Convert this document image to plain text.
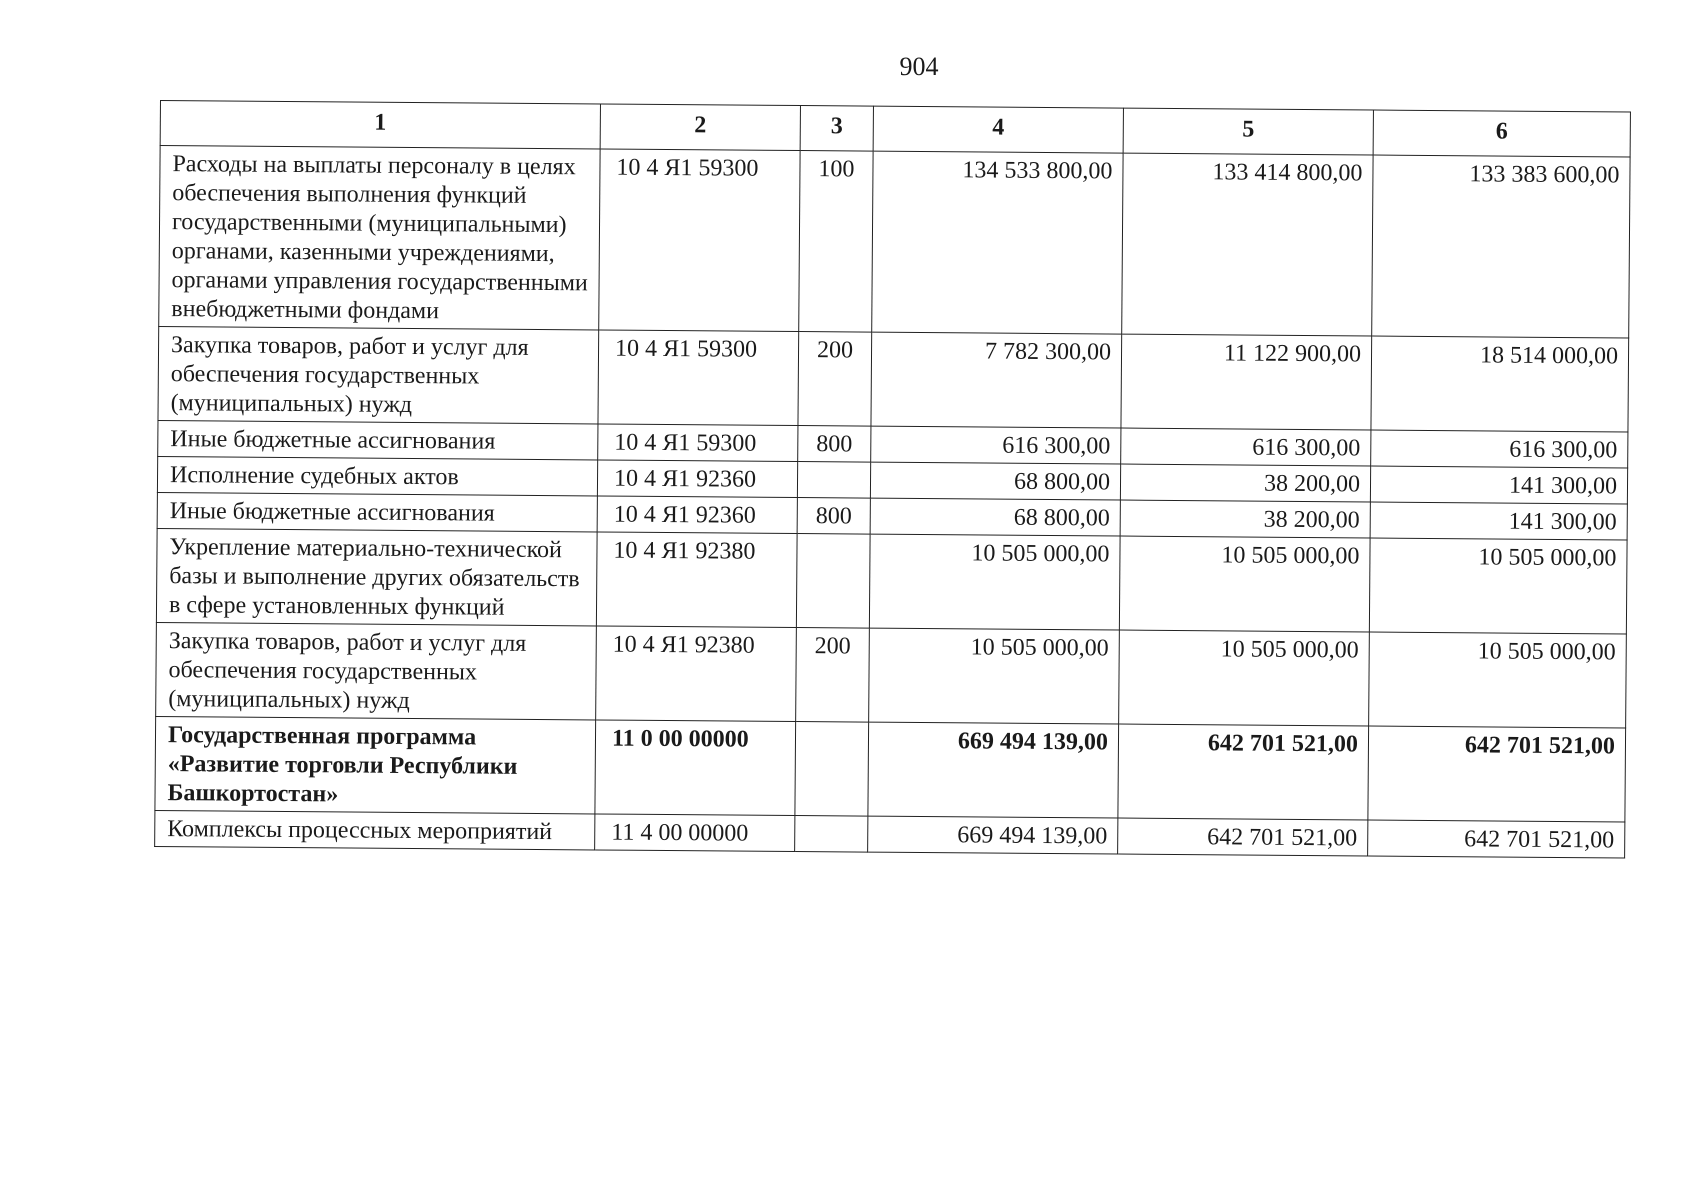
904
1	2	3	4	5	6
Расходы на выплаты персоналу в целях обеспечения выполнения функций государственными (муниципальными) органами, казенными учреждениями, органами управления государственными внебюджетными фондами	10 4 Я1 59300	100	134 533 800,00	133 414 800,00	133 383 600,00
Закупка товаров, работ и услуг для обеспечения государственных (муниципальных) нужд	10 4 Я1 59300	200	7 782 300,00	11 122 900,00	18 514 000,00
Иные бюджетные ассигнования	10 4 Я1 59300	800	616 300,00	616 300,00	616 300,00
Исполнение судебных актов	10 4 Я1 92360		68 800,00	38 200,00	141 300,00
Иные бюджетные ассигнования	10 4 Я1 92360	800	68 800,00	38 200,00	141 300,00
Укрепление материально-технической базы и выполнение других обязательств в сфере установленных функций	10 4 Я1 92380		10 505 000,00	10 505 000,00	10 505 000,00
Закупка товаров, работ и услуг для обеспечения государственных (муниципальных) нужд	10 4 Я1 92380	200	10 505 000,00	10 505 000,00	10 505 000,00
Государственная программа «Развитие торговли Республики Башкортостан»	11 0 00 00000		669 494 139,00	642 701 521,00	642 701 521,00
Комплексы процессных мероприятий	11 4 00 00000		669 494 139,00	642 701 521,00	642 701 521,00
